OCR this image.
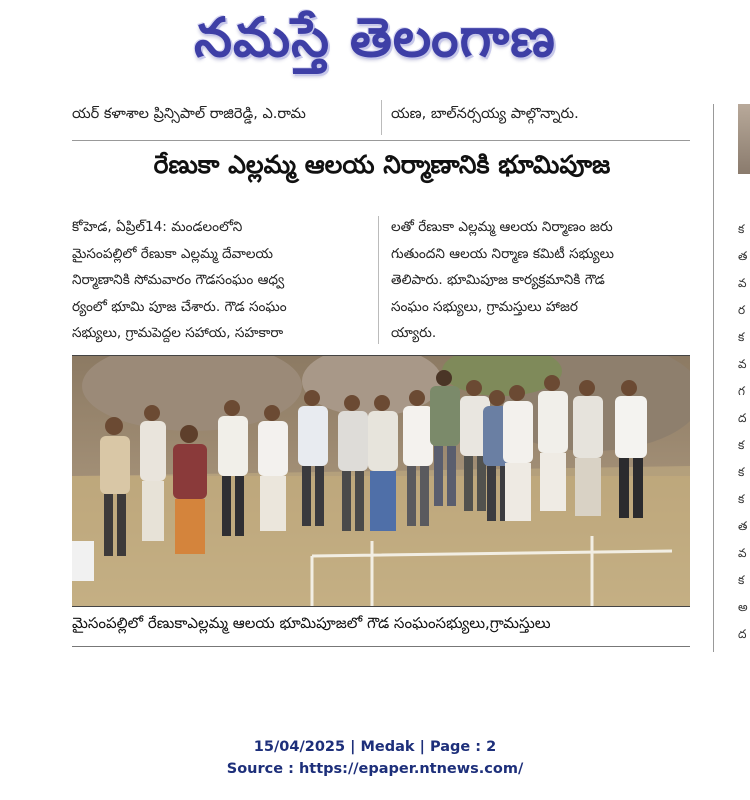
నమస్తే తెలంగాణ
యర్ కళాశాల ప్రిన్సిపాల్ రాజిరెడ్డి, ఎ.రామ	యణ, బాల్‌నర్సయ్య పాల్గొన్నారు.
రేణుకా ఎల్లమ్మ ఆలయ నిర్మాణానికి భూమిపూజ
కోహెడ, ఏప్రిల్14: మండలంలోని
మైసంపల్లిలో రేణుకా ఎల్లమ్మ దేవాలయ
నిర్మాణానికి సోమవారం గౌడసంఘం ఆధ్వ
ర్యంలో భూమి పూజ చేశారు. గౌడ సంఘం
సభ్యులు, గ్రామపెద్దల సహాయ, సహకారా
లతో రేణుకా ఎల్లమ్మ ఆలయ నిర్మాణం జరు
గుతుందని ఆలయ నిర్మాణ కమిటీ సభ్యులు
తెలిపారు. భూమిపూజ కార్యక్రమానికి గౌడ
సంఘం సభ్యులు, గ్రామస్తులు హాజర
య్యారు.
మైసంపల్లిలో రేణుకాఎల్లమ్మ ఆలయ భూమిపూజలో గౌడ సంఘంసభ్యులు,గ్రామస్తులు
క
త
వ
ర
క
వ
గ
ద
క
క
క
త
వ
క
అ
ద
15/04/2025 | Medak | Page : 2
Source : https://epaper.ntnews.com/
